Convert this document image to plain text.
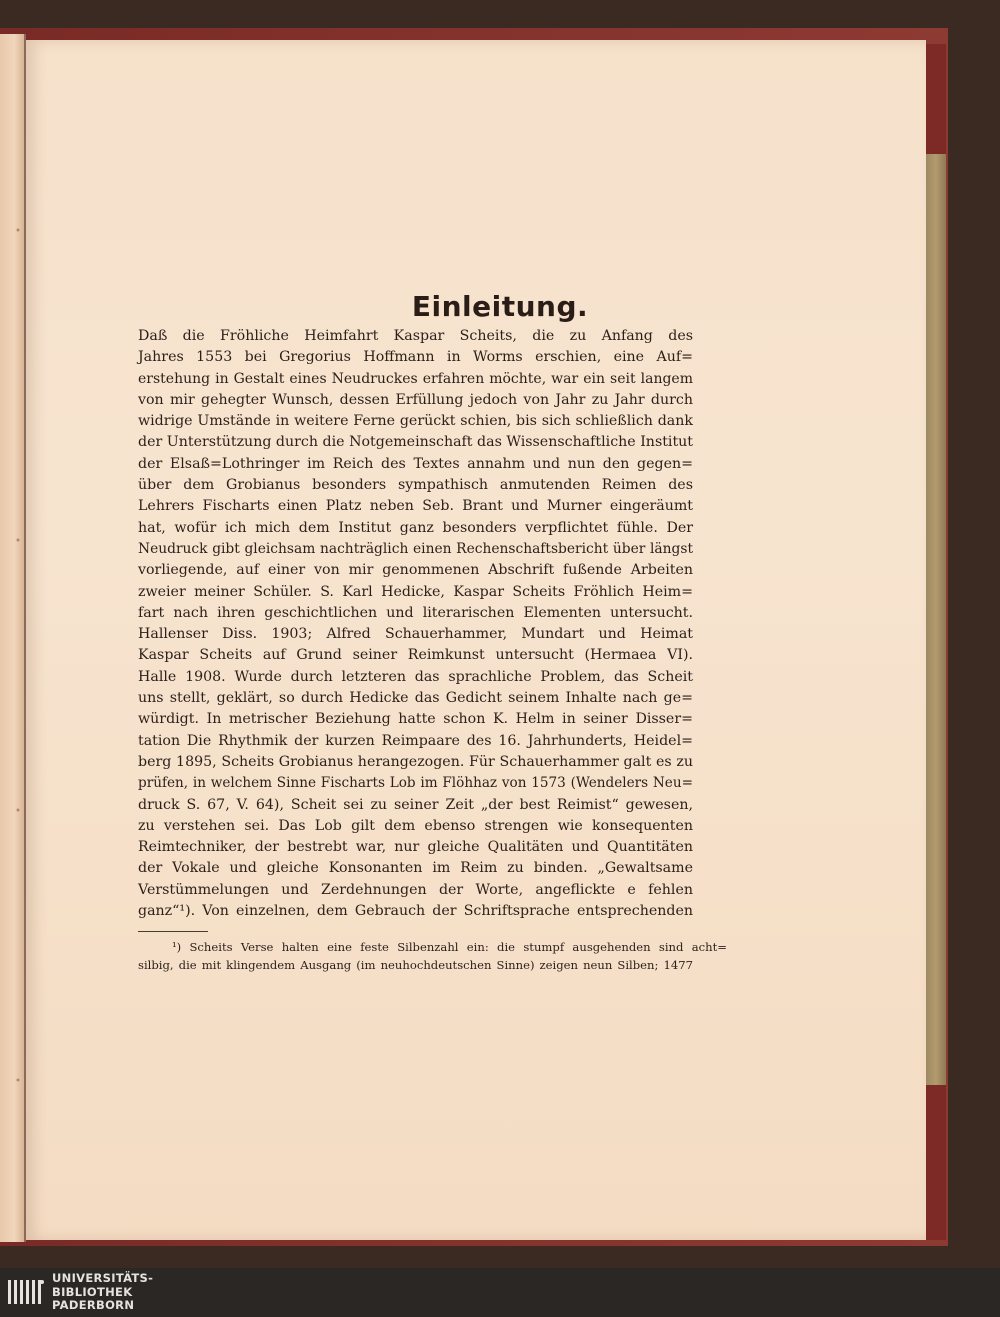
Einleitung.
Daß die Fröhliche Heimfahrt Kaspar Scheits, die zu Anfang des
Jahres 1553 bei Gregorius Hoffmann in Worms erschien, eine Auf=
erstehung in Gestalt eines Neudruckes erfahren möchte, war ein seit langem
von mir gehegter Wunsch, dessen Erfüllung jedoch von Jahr zu Jahr durch
widrige Umstände in weitere Ferne gerückt schien, bis sich schließlich dank
der Unterstützung durch die Notgemeinschaft das Wissenschaftliche Institut
der Elsaß=Lothringer im Reich des Textes annahm und nun den gegen=
über dem Grobianus besonders sympathisch anmutenden Reimen des
Lehrers Fischarts einen Platz neben Seb. Brant und Murner eingeräumt
hat, wofür ich mich dem Institut ganz besonders verpflichtet fühle. Der
Neudruck gibt gleichsam nachträglich einen Rechenschaftsbericht über längst
vorliegende, auf einer von mir genommenen Abschrift fußende Arbeiten
zweier meiner Schüler. S. Karl Hedicke, Kaspar Scheits Fröhlich Heim=
fart nach ihren geschichtlichen und literarischen Elementen untersucht.
Hallenser Diss. 1903; Alfred Schauerhammer, Mundart und Heimat
Kaspar Scheits auf Grund seiner Reimkunst untersucht (Hermaea VI).
Halle 1908. Wurde durch letzteren das sprachliche Problem, das Scheit
uns stellt, geklärt, so durch Hedicke das Gedicht seinem Inhalte nach ge=
würdigt. In metrischer Beziehung hatte schon K. Helm in seiner Disser=
tation Die Rhythmik der kurzen Reimpaare des 16. Jahrhunderts, Heidel=
berg 1895, Scheits Grobianus herangezogen. Für Schauerhammer galt es zu
prüfen, in welchem Sinne Fischarts Lob im Flöhhaz von 1573 (Wendelers Neu=
druck S. 67, V. 64), Scheit sei zu seiner Zeit „der best Reimist“ gewesen,
zu verstehen sei. Das Lob gilt dem ebenso strengen wie konsequenten
Reimtechniker, der bestrebt war, nur gleiche Qualitäten und Quantitäten
der Vokale und gleiche Konsonanten im Reim zu binden. „Gewaltsame
Verstümmelungen und Zerdehnungen der Worte, angeflickte e fehlen
ganz“¹). Von einzelnen, dem Gebrauch der Schriftsprache entsprechenden
¹) Scheits Verse halten eine feste Silbenzahl ein: die stumpf ausgehenden sind acht=
silbig, die mit klingendem Ausgang (im neuhochdeutschen Sinne) zeigen neun Silben; 1477
UNIVERSITÄTS-
BIBLIOTHEK
PADERBORN
